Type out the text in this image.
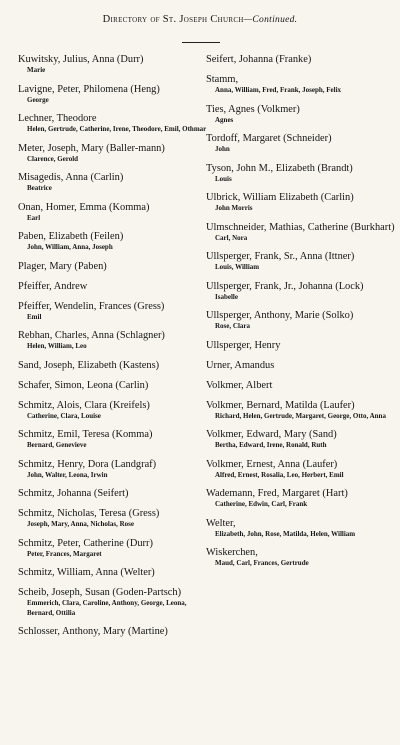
Directory of St. Joseph Church—Continued.
Kuwitsky, Julius, Anna (Durr)
Marie
Lavigne, Peter, Philomena (Heng)
George
Lechner, Theodore
Helen, Gertrude, Catherine, Irene, Theodore, Emil, Othmar
Meter, Joseph, Mary (Baller-mann)
Clarence, Gerold
Misagedis, Anna (Carlin)
Beatrice
Onan, Homer, Emma (Komma)
Earl
Paben, Elizabeth (Feilen)
John, William, Anna, Joseph
Plager, Mary (Paben)
Pfeiffer, Andrew
Pfeiffer, Wendelin, Frances (Gress)
Emil
Rebhan, Charles, Anna (Schlagner)
Helen, William, Leo
Sand, Joseph, Elizabeth (Kastens)
Schafer, Simon, Leona (Carlin)
Schmitz, Alois, Clara (Kreifels)
Catherine, Clara, Louise
Schmitz, Emil, Teresa (Komma)
Bernard, Genevieve
Schmitz, Henry, Dora (Landgraf)
John, Walter, Leona, Irwin
Schmitz, Johanna (Seifert)
Schmitz, Nicholas, Teresa (Gress)
Joseph, Mary, Anna, Nicholas, Rose
Schmitz, Peter, Catherine (Durr)
Peter, Frances, Margaret
Schmitz, William, Anna (Welter)
Scheib, Joseph, Susan (Goden-Partsch)
Emmerich, Clara, Caroline, Anthony, George, Leona, Bernard, Ottilia
Schlosser, Anthony, Mary (Martine)
Seifert, Johanna (Franke)
Stamm,
Anna, William, Fred, Frank, Joseph, Felix
Ties, Agnes (Volkmer)
Agnes
Tordoff, Margaret (Schneider)
John
Tyson, John M., Elizabeth (Brandt)
Louis
Ulbrick, William Elizabeth (Carlin)
John Morris
Ulmschneider, Mathias, Catherine (Burkhart)
Carl, Nora
Ullsperger, Frank, Sr., Anna (Ittner)
Louis, William
Ullsperger, Frank, Jr., Johanna (Lock)
Isabelle
Ullsperger, Anthony, Marie (Solko)
Rose, Clara
Ullsperger, Henry
Urner, Amandus
Volkmer, Albert
Volkmer, Bernard, Matilda (Laufer)
Richard, Helen, Gertrude, Margaret, George, Otto, Anna
Volkmer, Edward, Mary (Sand)
Bertha, Edward, Irene, Ronald, Ruth
Volkmer, Ernest, Anna (Laufer)
Alfred, Ernest, Rosalia, Leo, Herbert, Emil
Wademann, Fred, Margaret (Hart)
Catherine, Edwin, Carl, Frank
Welter,
Elizabeth, John, Rose, Matilda, Helen, William
Wiskerchen,
Maud, Carl, Frances, Gertrude
